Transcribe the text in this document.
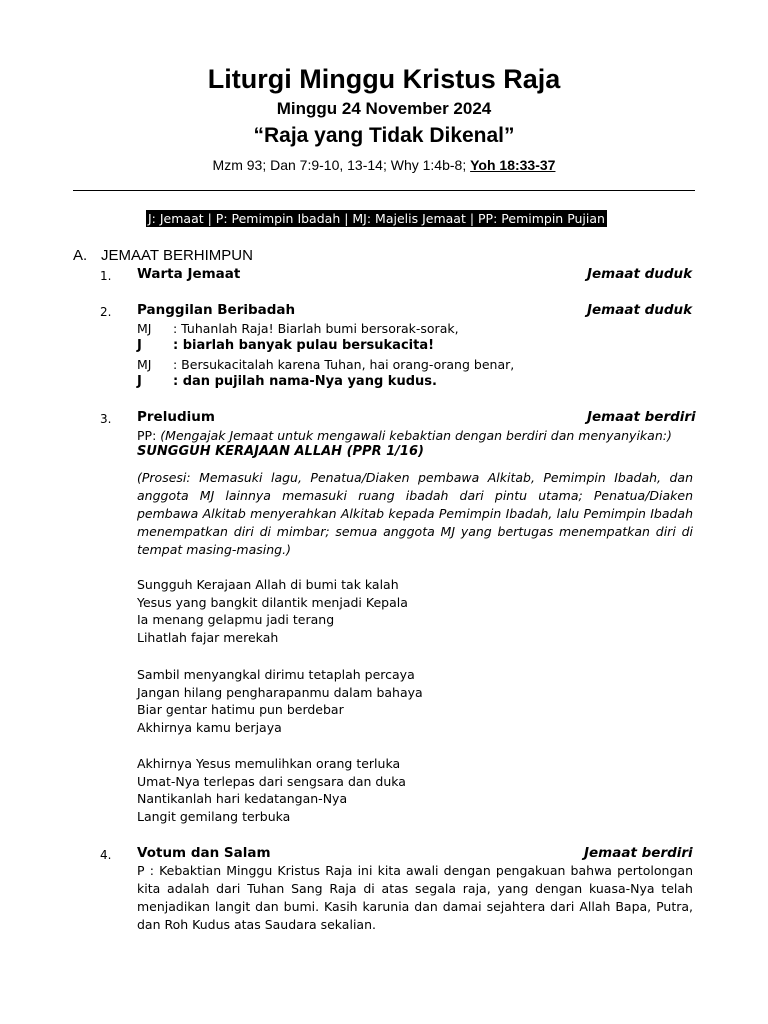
Liturgi Minggu Kristus Raja
Minggu 24 November 2024
“Raja yang Tidak Dikenal”
Mzm 93; Dan 7:9-10, 13-14; Why 1:4b-8; Yoh 18:33-37
J: Jemaat | P: Pemimpin Ibadah | MJ: Majelis Jemaat | PP: Pemimpin Pujian
A. JEMAAT BERHIMPUN
1. Warta Jemaat	Jemaat duduk
2. Panggilan Beribadah	Jemaat duduk
MJ : Tuhanlah Raja! Biarlah bumi bersorak-sorak,
J : biarlah banyak pulau bersukacita!
MJ : Bersukacitalah karena Tuhan, hai orang-orang benar,
J : dan pujilah nama-Nya yang kudus.
3. Preludium	Jemaat berdiri
PP: (Mengajak Jemaat untuk mengawali kebaktian dengan berdiri dan menyanyikan:)
SUNGGUH KERAJAAN ALLAH (PPR 1/16)
(Prosesi: Memasuki lagu, Penatua/Diaken pembawa Alkitab, Pemimpin Ibadah, dan anggota MJ lainnya memasuki ruang ibadah dari pintu utama; Penatua/Diaken pembawa Alkitab menyerahkan Alkitab kepada Pemimpin Ibadah, lalu Pemimpin Ibadah menempatkan diri di mimbar; semua anggota MJ yang bertugas menempatkan diri di tempat masing-masing.)
Sungguh Kerajaan Allah di bumi tak kalah
Yesus yang bangkit dilantik menjadi Kepala
Ia menang gelapmu jadi terang
Lihatlah fajar merekah
Sambil menyangkal dirimu tetaplah percaya
Jangan hilang pengharapanmu dalam bahaya
Biar gentar hatimu pun berdebar
Akhirnya kamu berjaya
Akhirnya Yesus memulihkan orang terluka
Umat-Nya terlepas dari sengsara dan duka
Nantikanlah hari kedatangan-Nya
Langit gemilang terbuka
4. Votum dan Salam	Jemaat berdiri
P : Kebaktian Minggu Kristus Raja ini kita awali dengan pengakuan bahwa pertolongan kita adalah dari Tuhan Sang Raja di atas segala raja, yang dengan kuasa-Nya telah menjadikan langit dan bumi. Kasih karunia dan damai sejahtera dari Allah Bapa, Putra, dan Roh Kudus atas Saudara sekalian.
